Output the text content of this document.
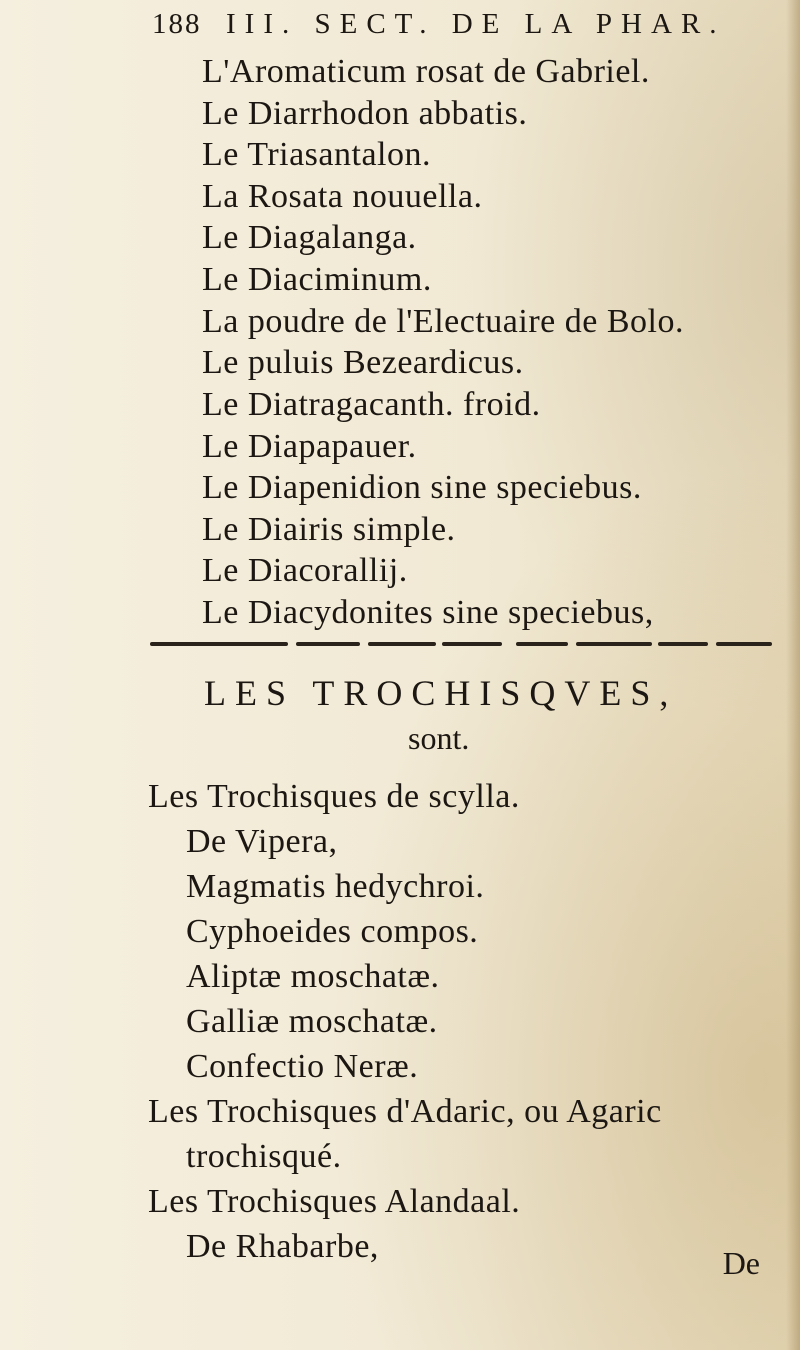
188 III. SECT. DE LA PHAR.
L'Aromaticum rosat de Gabriel.
Le Diarrhodon abbatis.
Le Triasantalon.
La Rosata nouuella.
Le Diagalanga.
Le Diaciminum.
La poudre de l'Electuaire de Bolo.
Le puluis Bezeardicus.
Le Diatragacanth. froid.
Le Diapapauer.
Le Diapenidion sine speciebus.
Le Diairis simple.
Le Diacorallij.
LES TROCHISQVES,
sont.
Les Trochisques de scylla.
De Vipera,
Magmatis hedychroi.
Cyphoeides compos.
Aliptæ moschatæ.
Galliæ moschatæ.
Confectio Neræ.
Les Trochisques d'Adaric, ou Agaric
trochisqué.
Les Trochisques Alandaal.
De Rhabarbe,	De
Le Diacydonites sine speciebus,
